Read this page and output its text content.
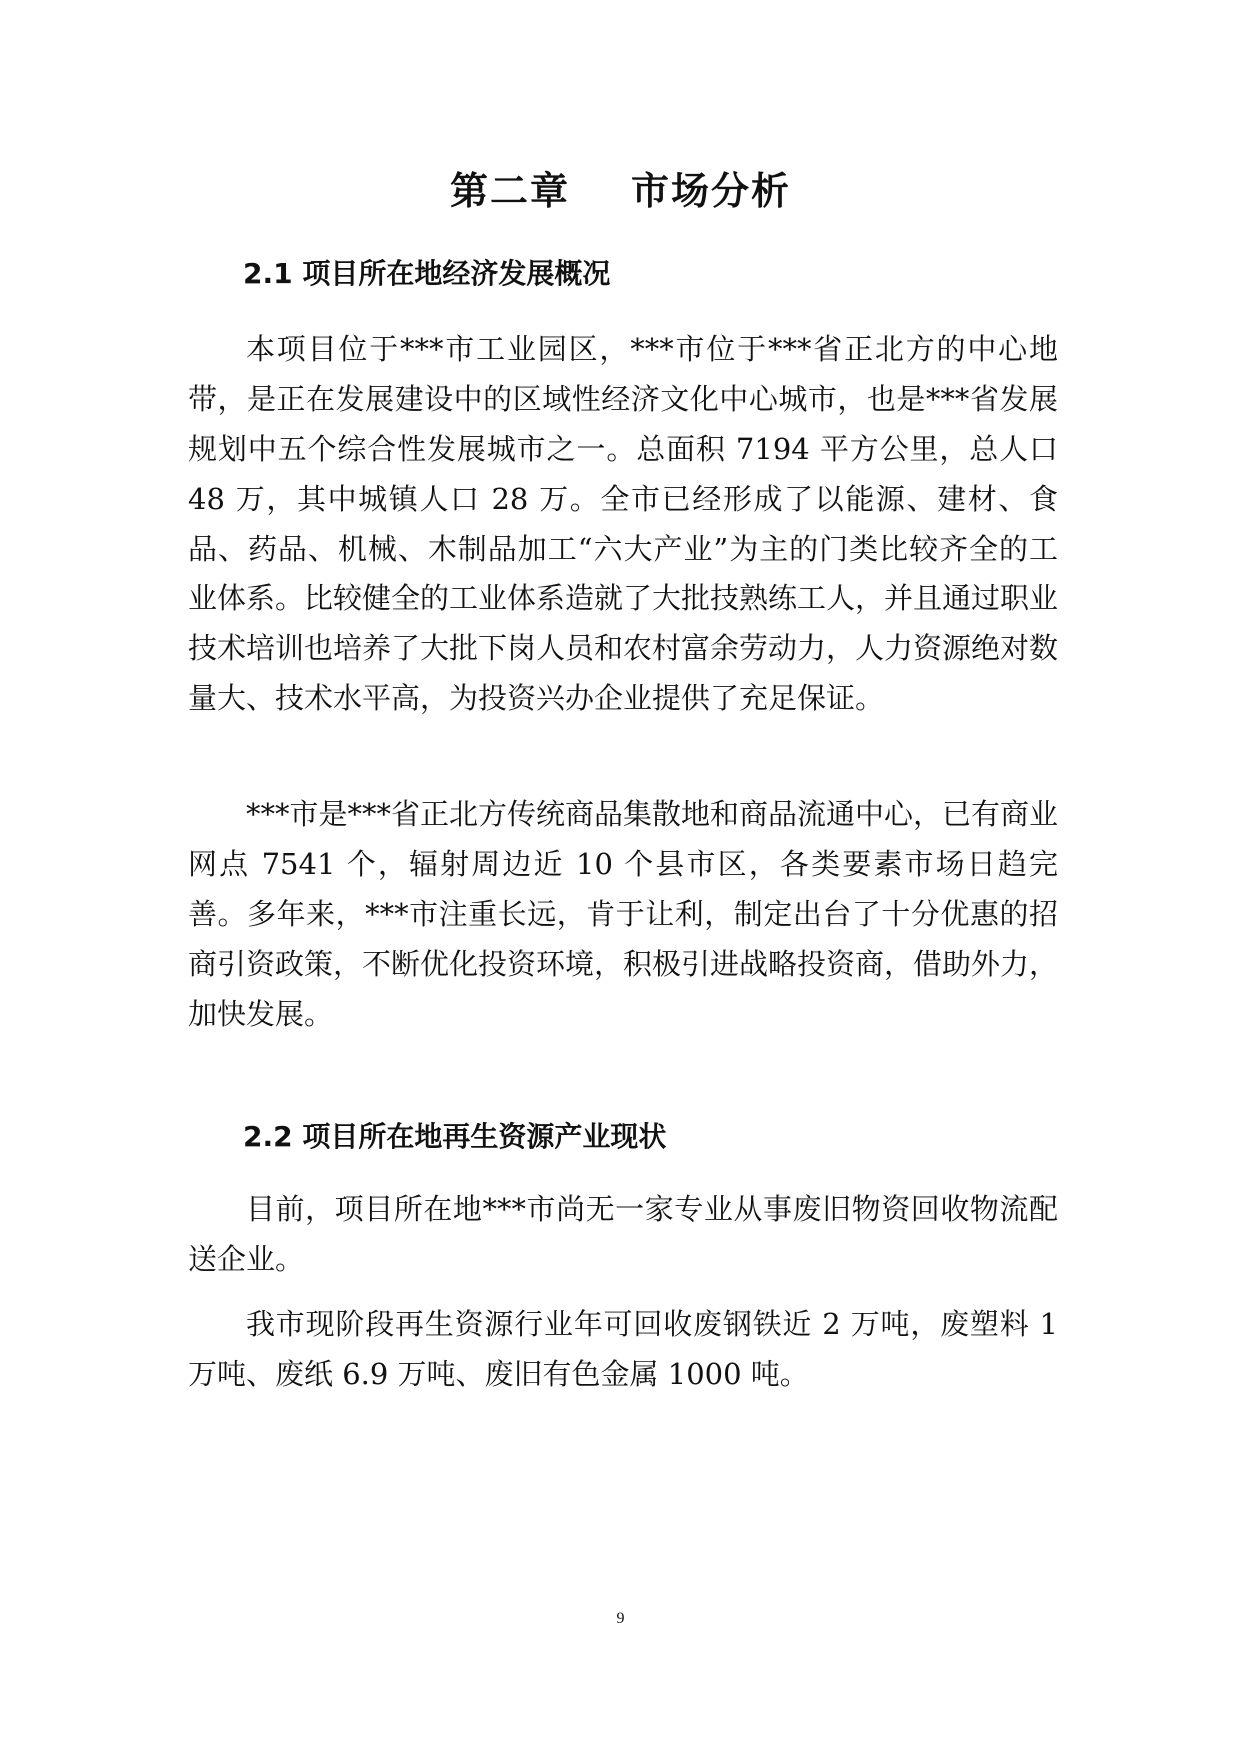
第二章    市场分析
2.1 项目所在地经济发展概况

本项目位于***市工业园区，***市位于***省正北方的中心地带，是正在发展建设中的区域性经济文化中心城市，也是***省发展规划中五个综合性发展城市之一。总面积 7194 平方公里，总人口 48 万，其中城镇人口 28 万。全市已经形成了以能源、建材、食品、药品、机械、木制品加工“六大产业”为主的门类比较齐全的工业体系。比较健全的工业体系造就了大批技熟练工人，并且通过职业技术培训也培养了大批下岗人员和农村富余劳动力，人力资源绝对数量大、技术水平高，为投资兴办企业提供了充足保证。

***市是***省正北方传统商品集散地和商品流通中心，已有商业网点 7541 个，辐射周边近 10 个县市区，各类要素市场日趋完善。多年来，***市注重长远，肯于让利，制定出台了十分优惠的招商引资政策，不断优化投资环境，积极引进战略投资商，借助外力，加快发展。

2.2 项目所在地再生资源产业现状

目前，项目所在地***市尚无一家专业从事废旧物资回收物流配送企业。

我市现阶段再生资源行业年可回收废钢铁近 2 万吨，废塑料 1 万吨、废纸 6.9 万吨、废旧有色金属 1000 吨。

9
